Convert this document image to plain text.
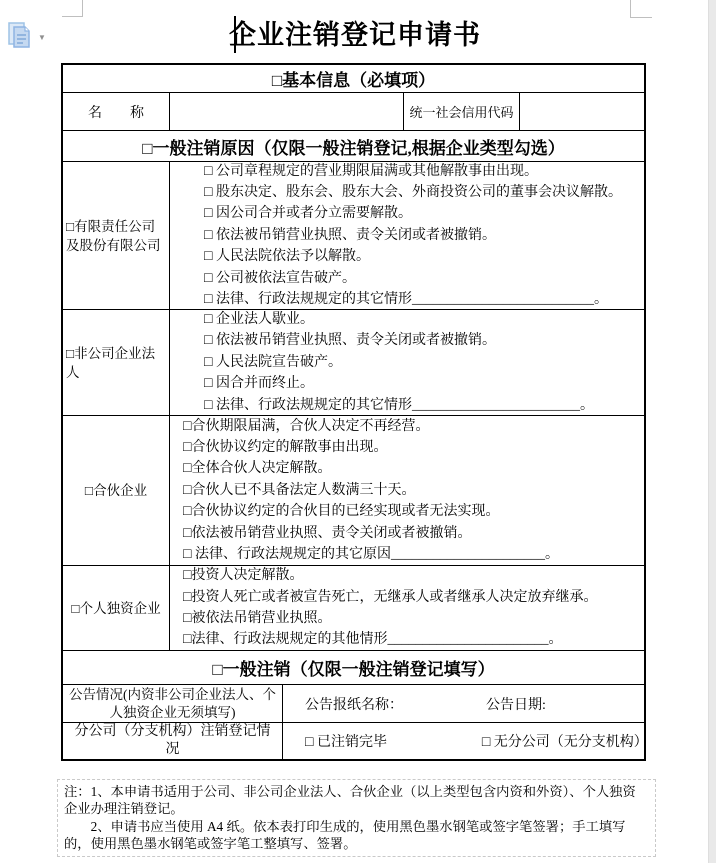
▼	企业注销登记申请书
□基本信息（必填项）
名　　称	统一社会信用代码
□一般注销原因（仅限一般注销登记,根据企业类型勾选）
□有限责任公司及股份有限公司
□ 公司章程规定的营业期限届满或其他解散事由出现。
□ 股东决定、股东会、股东大会、外商投资公司的董事会决议解散。
□ 因公司合并或者分立需要解散。
□ 依法被吊销营业执照、责令关闭或者被撤销。
□ 人民法院依法予以解散。
□ 公司被依法宣告破产。
□ 法律、行政法规规定的其它情形__________________________。
□非公司企业法人
□ 企业法人歇业。
□ 依法被吊销营业执照、责令关闭或者被撤销。
□ 人民法院宣告破产。
□ 因合并而终止。
□ 法律、行政法规规定的其它情形________________________。
□合伙企业
□合伙期限届满，合伙人决定不再经营。
□合伙协议约定的解散事由出现。
□全体合伙人决定解散。
□合伙人已不具备法定人数满三十天。
□合伙协议约定的合伙目的已经实现或者无法实现。
□依法被吊销营业执照、责令关闭或者被撤销。
□ 法律、行政法规规定的其它原因______________________。
□个人独资企业
□投资人决定解散。
□投资人死亡或者被宣告死亡，无继承人或者继承人决定放弃继承。
□被依法吊销营业执照。
□法律、行政法规规定的其他情形_______________________。
□一般注销（仅限一般注销登记填写）
公告情况(内资非公司企业法人、个人独资企业无须填写)	公告报纸名称：	公告日期:
分公司（分支机构）注销登记情况	□ 已注销完毕	□ 无分公司（无分支机构）

注：1、本申请书适用于公司、非公司企业法人、合伙企业（以上类型包含内资和外资）、个人独资企业办理注销登记。

2、申请书应当使用 A4 纸。依本表打印生成的，使用黑色墨水钢笔或签字笔签署；手工填写的，使用黑色墨水钢笔或签字笔工整填写、签署。
